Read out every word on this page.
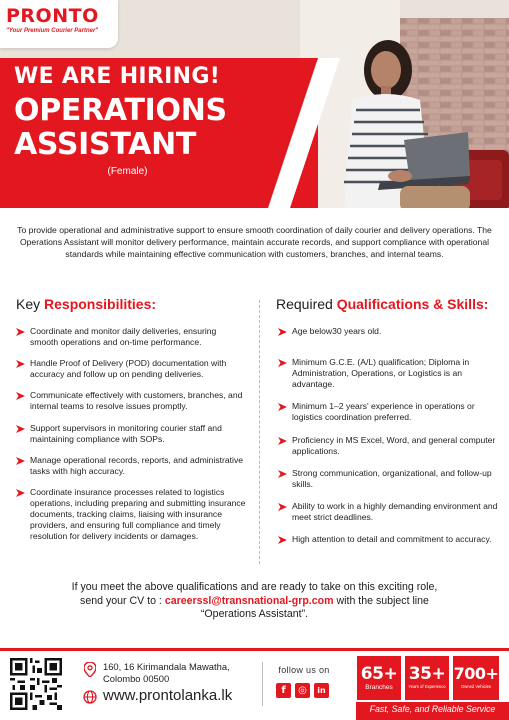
PRONTO
"Your Premium Courier Partner"
WE ARE HIRING!
OPERATIONS
ASSISTANT
(Female)

To provide operational and administrative support to ensure smooth coordination of daily courier and delivery operations. The Operations Assistant will monitor delivery performance, maintain accurate records, and support compliance with operational standards while maintaining effective communication with customers, branches, and internal teams.

Key Responsibilities:	Required Qualifications & Skills:
Coordinate and monitor daily deliveries, ensuring smooth operations and on-time performance.
Handle Proof of Delivery (POD) documentation with accuracy and follow up on pending deliveries.
Communicate effectively with customers, branches, and internal teams to resolve issues promptly.
Support supervisors in monitoring courier staff and maintaining compliance with SOPs.
Manage operational records, reports, and administrative tasks with high accuracy.
Coordinate insurance processes related to logistics operations, including preparing and submitting insurance documents, tracking claims, liaising with insurance providers, and ensuring full compliance and timely resolution for delivery incidents or damages.
Age below30 years old.
Minimum G.C.E. (A/L) qualification; Diploma in Administration, Operations, or Logistics is an advantage.
Minimum 1–2 years' experience in operations or logistics coordination preferred.
Proficiency in MS Excel, Word, and general computer applications.
Strong communication, organizational, and follow-up skills.
Ability to work in a highly demanding environment and meet strict deadlines.
High attention to detail and commitment to accuracy.
If you meet the above qualifications and are ready to take on this exciting role,
send your CV to : careerssl@transnational-grp.com with the subject line
“Operations Assistant”.
160, 16 Kirimandala Mawatha,
Colombo 00500
www.prontolanka.lk
follow us on
f	◎	in
65+
Branches
35+
Years of Experience
700+
Owned Vehicles
Fast, Safe, and Reliable Service
